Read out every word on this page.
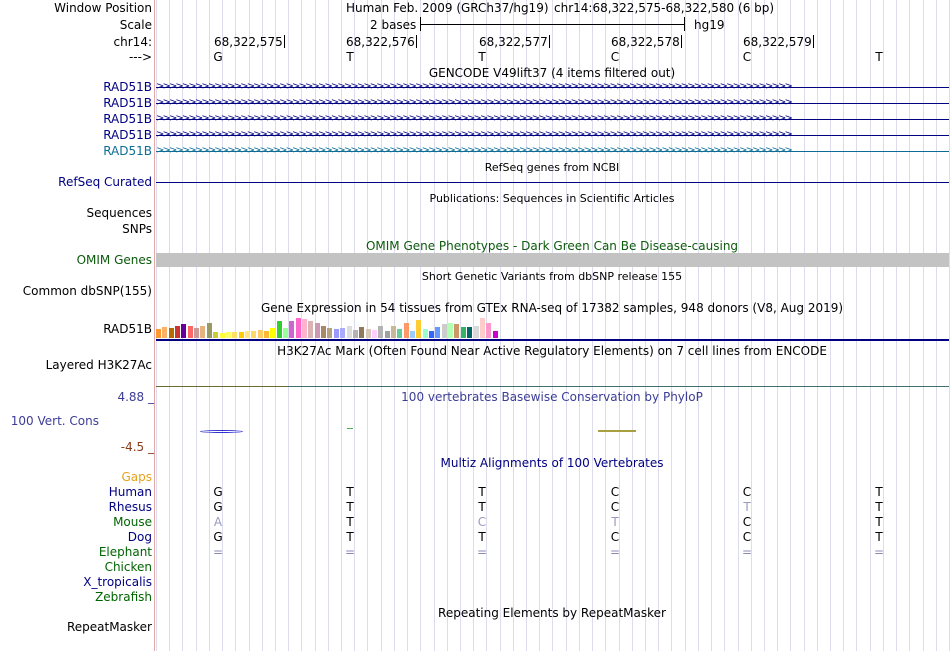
Window Position	Human Feb. 2009 (GRCh37/hg19) chr14:68,322,575-68,322,580 (6 bp)
Scale	2 bases	hg19
chr14:	68,322,575	68,322,576	68,322,577	68,322,578	68,322,579
--->	G	T	T	C	C	T
GENCODE V49lift37 (4 items filtered out)
RAD51B >>>>>>>>>>>>>>>>>>>>>>>>>>>>>>>>>>>>>>>>>>>>>>>>>>>>>>>>>>>>>>>>>>>>>>>>>>>>>>>>>>>>>>>>>>>>>>>>>>
RAD51B >>>>>>>>>>>>>>>>>>>>>>>>>>>>>>>>>>>>>>>>>>>>>>>>>>>>>>>>>>>>>>>>>>>>>>>>>>>>>>>>>>>>>>>>>>>>>>>>>>
RAD51B >>>>>>>>>>>>>>>>>>>>>>>>>>>>>>>>>>>>>>>>>>>>>>>>>>>>>>>>>>>>>>>>>>>>>>>>>>>>>>>>>>>>>>>>>>>>>>>>>>
RAD51B >>>>>>>>>>>>>>>>>>>>>>>>>>>>>>>>>>>>>>>>>>>>>>>>>>>>>>>>>>>>>>>>>>>>>>>>>>>>>>>>>>>>>>>>>>>>>>>>>>
RAD51B >>>>>>>>>>>>>>>>>>>>>>>>>>>>>>>>>>>>>>>>>>>>>>>>>>>>>>>>>>>>>>>>>>>>>>>>>>>>>>>>>>>>>>>>>>>>>>>>>>
RefSeq genes from NCBI
RefSeq Curated
Publications: Sequences in Scientific Articles
Sequences
SNPs
OMIM Gene Phenotypes - Dark Green Can Be Disease-causing
OMIM Genes
Short Genetic Variants from dbSNP release 155
Common dbSNP(155)
Gene Expression in 54 tissues from GTEx RNA-seq of 17382 samples, 948 donors (V8, Aug 2019)
RAD51B
H3K27Ac Mark (Often Found Near Active Regulatory Elements) on 7 cell lines from ENCODE
Layered H3K27Ac
100 vertebrates Basewise Conservation by PhyloP
4.88 _
100 Vert. Cons
-4.5 _
Multiz Alignments of 100 Vertebrates
Gaps
Human	G	T	T	C	C	T
Rhesus	G	T	T	C	T	T
Mouse	A	T	C	T	C	T
Dog	G	T	T	C	C	T
Elephant	=	=	=	=	=	=
Chicken
X_tropicalis
Zebrafish
Repeating Elements by RepeatMasker
RepeatMasker
